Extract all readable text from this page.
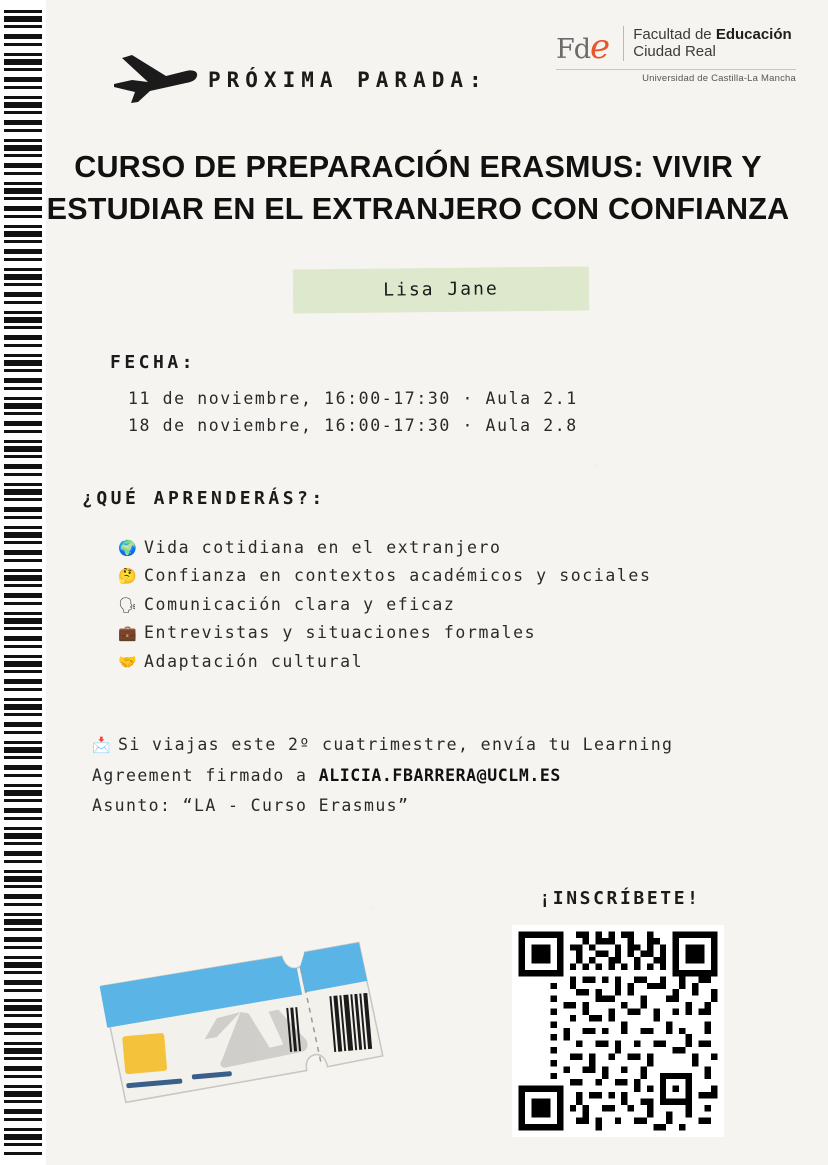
Fde Facultad de Educación
Ciudad Real
Universidad de Castilla-La Mancha
PRÓXIMA PARADA:
CURSO DE PREPARACIÓN ERASMUS: VIVIR Y ESTUDIAR EN EL EXTRANJERO CON CONFIANZA
Lisa Jane
FECHA:
11 de noviembre, 16:00-17:30 · Aula 2.1
18 de noviembre, 16:00-17:30 · Aula 2.8
¿QUÉ APRENDERÁS?:
🌍 Vida cotidiana en el extranjero
🤔 Confianza en contextos académicos y sociales
🗣 Comunicación clara y eficaz
💼 Entrevistas y situaciones formales
🤝 Adaptación cultural
📩 Si viajas este 2º cuatrimestre, envía tu Learning
Agreement firmado a ALICIA.FBARRERA@UCLM.ES
Asunto: “LA - Curso Erasmus”
¡INSCRÍBETE!
